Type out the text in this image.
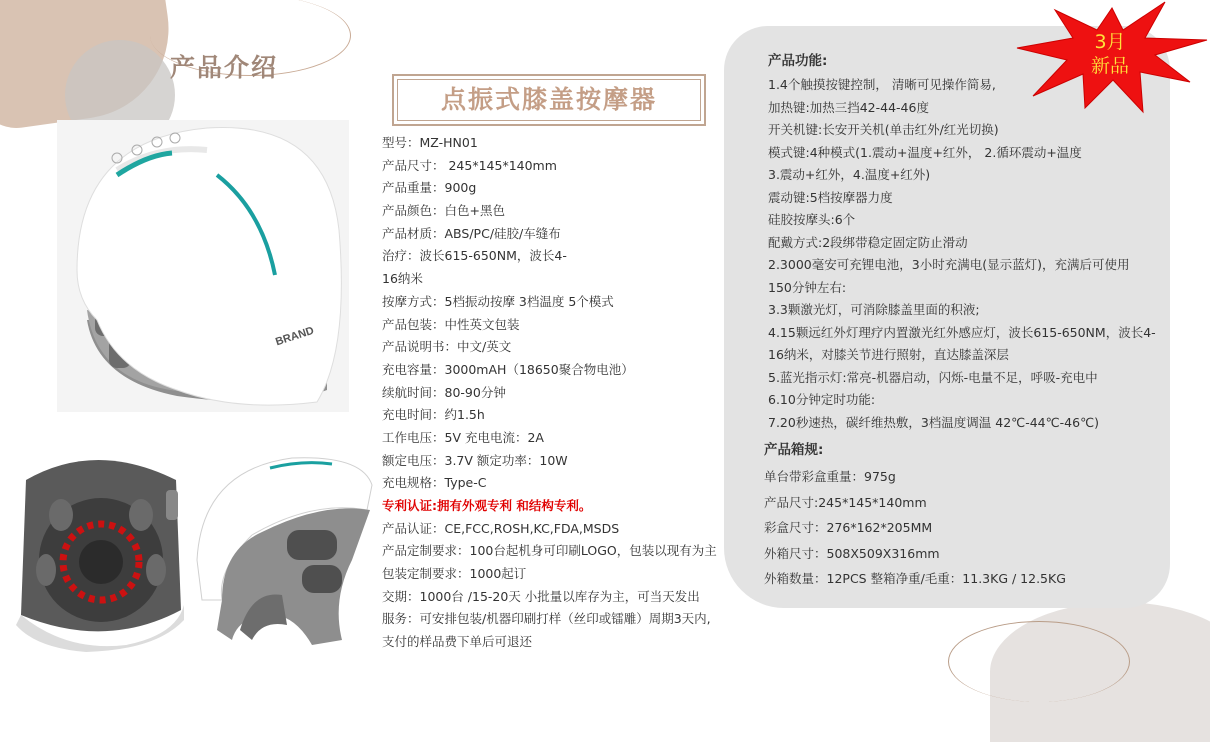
产品介绍
点振式膝盖按摩器
BRAND
型号：MZ-HN01
产品尺寸： 245*145*140mm
产品重量：900g
产品颜色：白色+黑色
产品材质：ABS/PC/硅胶/车缝布
治疗：波长615-650NM，波长4-
16纳米
按摩方式：5档振动按摩 3档温度 5个模式
产品包装：中性英文包装
产品说明书：中文/英文
充电容量：3000mAH（18650聚合物电池）
续航时间：80-90分钟
充电时间：约1.5h
工作电压：5V 充电电流：2A
额定电压：3.7V 额定功率：10W
充电规格：Type-C
专利认证:拥有外观专利 和结构专利。
产品认证：CE,FCC,ROSH,KC,FDA,MSDS
产品定制要求：100台起机身可印刷LOGO，包装以现有为主
包装定制要求：1000起订
交期：1000台 /15-20天 小批量以库存为主，可当天发出
服务：可安排包装/机器印刷打样（丝印或镭雕）周期3天内,
支付的样品费下单后可退还
产品功能:
1.4个触摸按键控制， 清晰可见操作简易,
加热键:加热三挡42-44-46度
开关机键:长安开关机(单击红外/红光切换)
模式键:4种模式(1.震动+温度+红外， 2.循环震动+温度
3.震动+红外，4.温度+红外)
震动键:5档按摩器力度
硅胶按摩头:6个
配戴方式:2段绑带稳定固定防止滑动
2.3000毫安可充锂电池，3小时充满电(显示蓝灯)，充满后可使用
150分钟左右:
3.3颗激光灯，可消除膝盖里面的积液;
4.15颗远红外灯理疗内置激光红外感应灯，波长615-650NM，波长4-
16纳米，对膝关节进行照射，直达膝盖深层
5.蓝光指示灯:常亮-机器启动，闪烁-电量不足，呼吸-充电中
6.10分钟定时功能:
7.20秒速热，碳纤维热敷，3档温度调温 42℃-44℃-46℃)
产品箱规:
单台带彩盒重量：975g
产品尺寸:245*145*140mm
彩盒尺寸：276*162*205MM
外箱尺寸：508X509X316mm
外箱数量：12PCS 整箱净重/毛重：11.3KG / 12.5KG
3月
新品
